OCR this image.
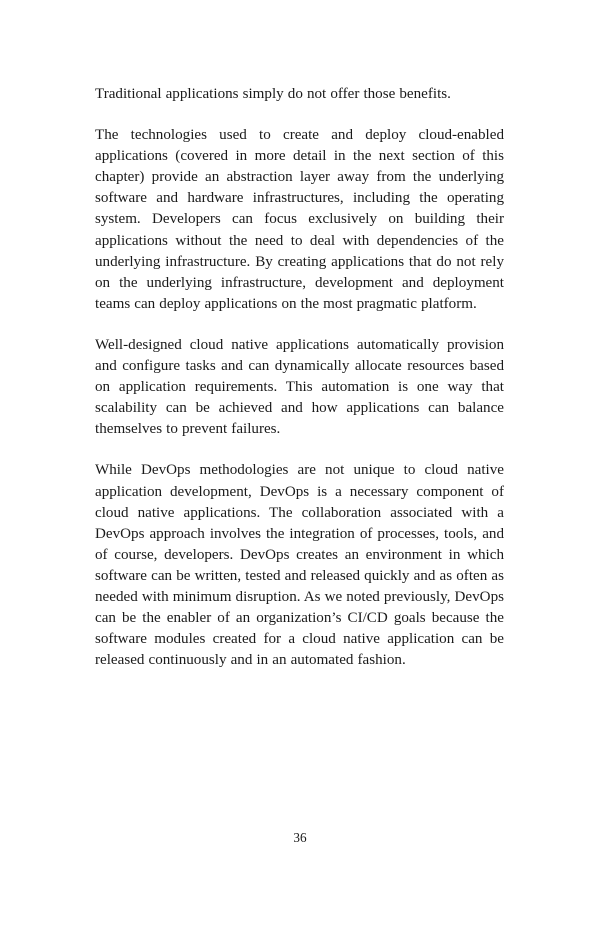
Traditional applications simply do not offer those benefits.

The technologies used to create and deploy cloud-enabled applications (covered in more detail in the next section of this chapter) provide an abstraction layer away from the underlying software and hardware infrastructures, including the operating system. Developers can focus exclusively on building their applications without the need to deal with dependencies of the underlying infrastructure. By creating applications that do not rely on the underlying infrastructure, development and deployment teams can deploy applications on the most pragmatic platform.

Well-designed cloud native applications automatically provision and configure tasks and can dynamically allocate resources based on application requirements. This automation is one way that scalability can be achieved and how applications can balance themselves to prevent failures.

While DevOps methodologies are not unique to cloud native application development, DevOps is a necessary component of cloud native applications. The collaboration associated with a DevOps approach involves the integration of processes, tools, and of course, developers. DevOps creates an environment in which software can be written, tested and released quickly and as often as needed with minimum disruption. As we noted previously, DevOps can be the enabler of an organization’s CI/CD goals because the software modules created for a cloud native application can be released continuously and in an automated fashion.

36
